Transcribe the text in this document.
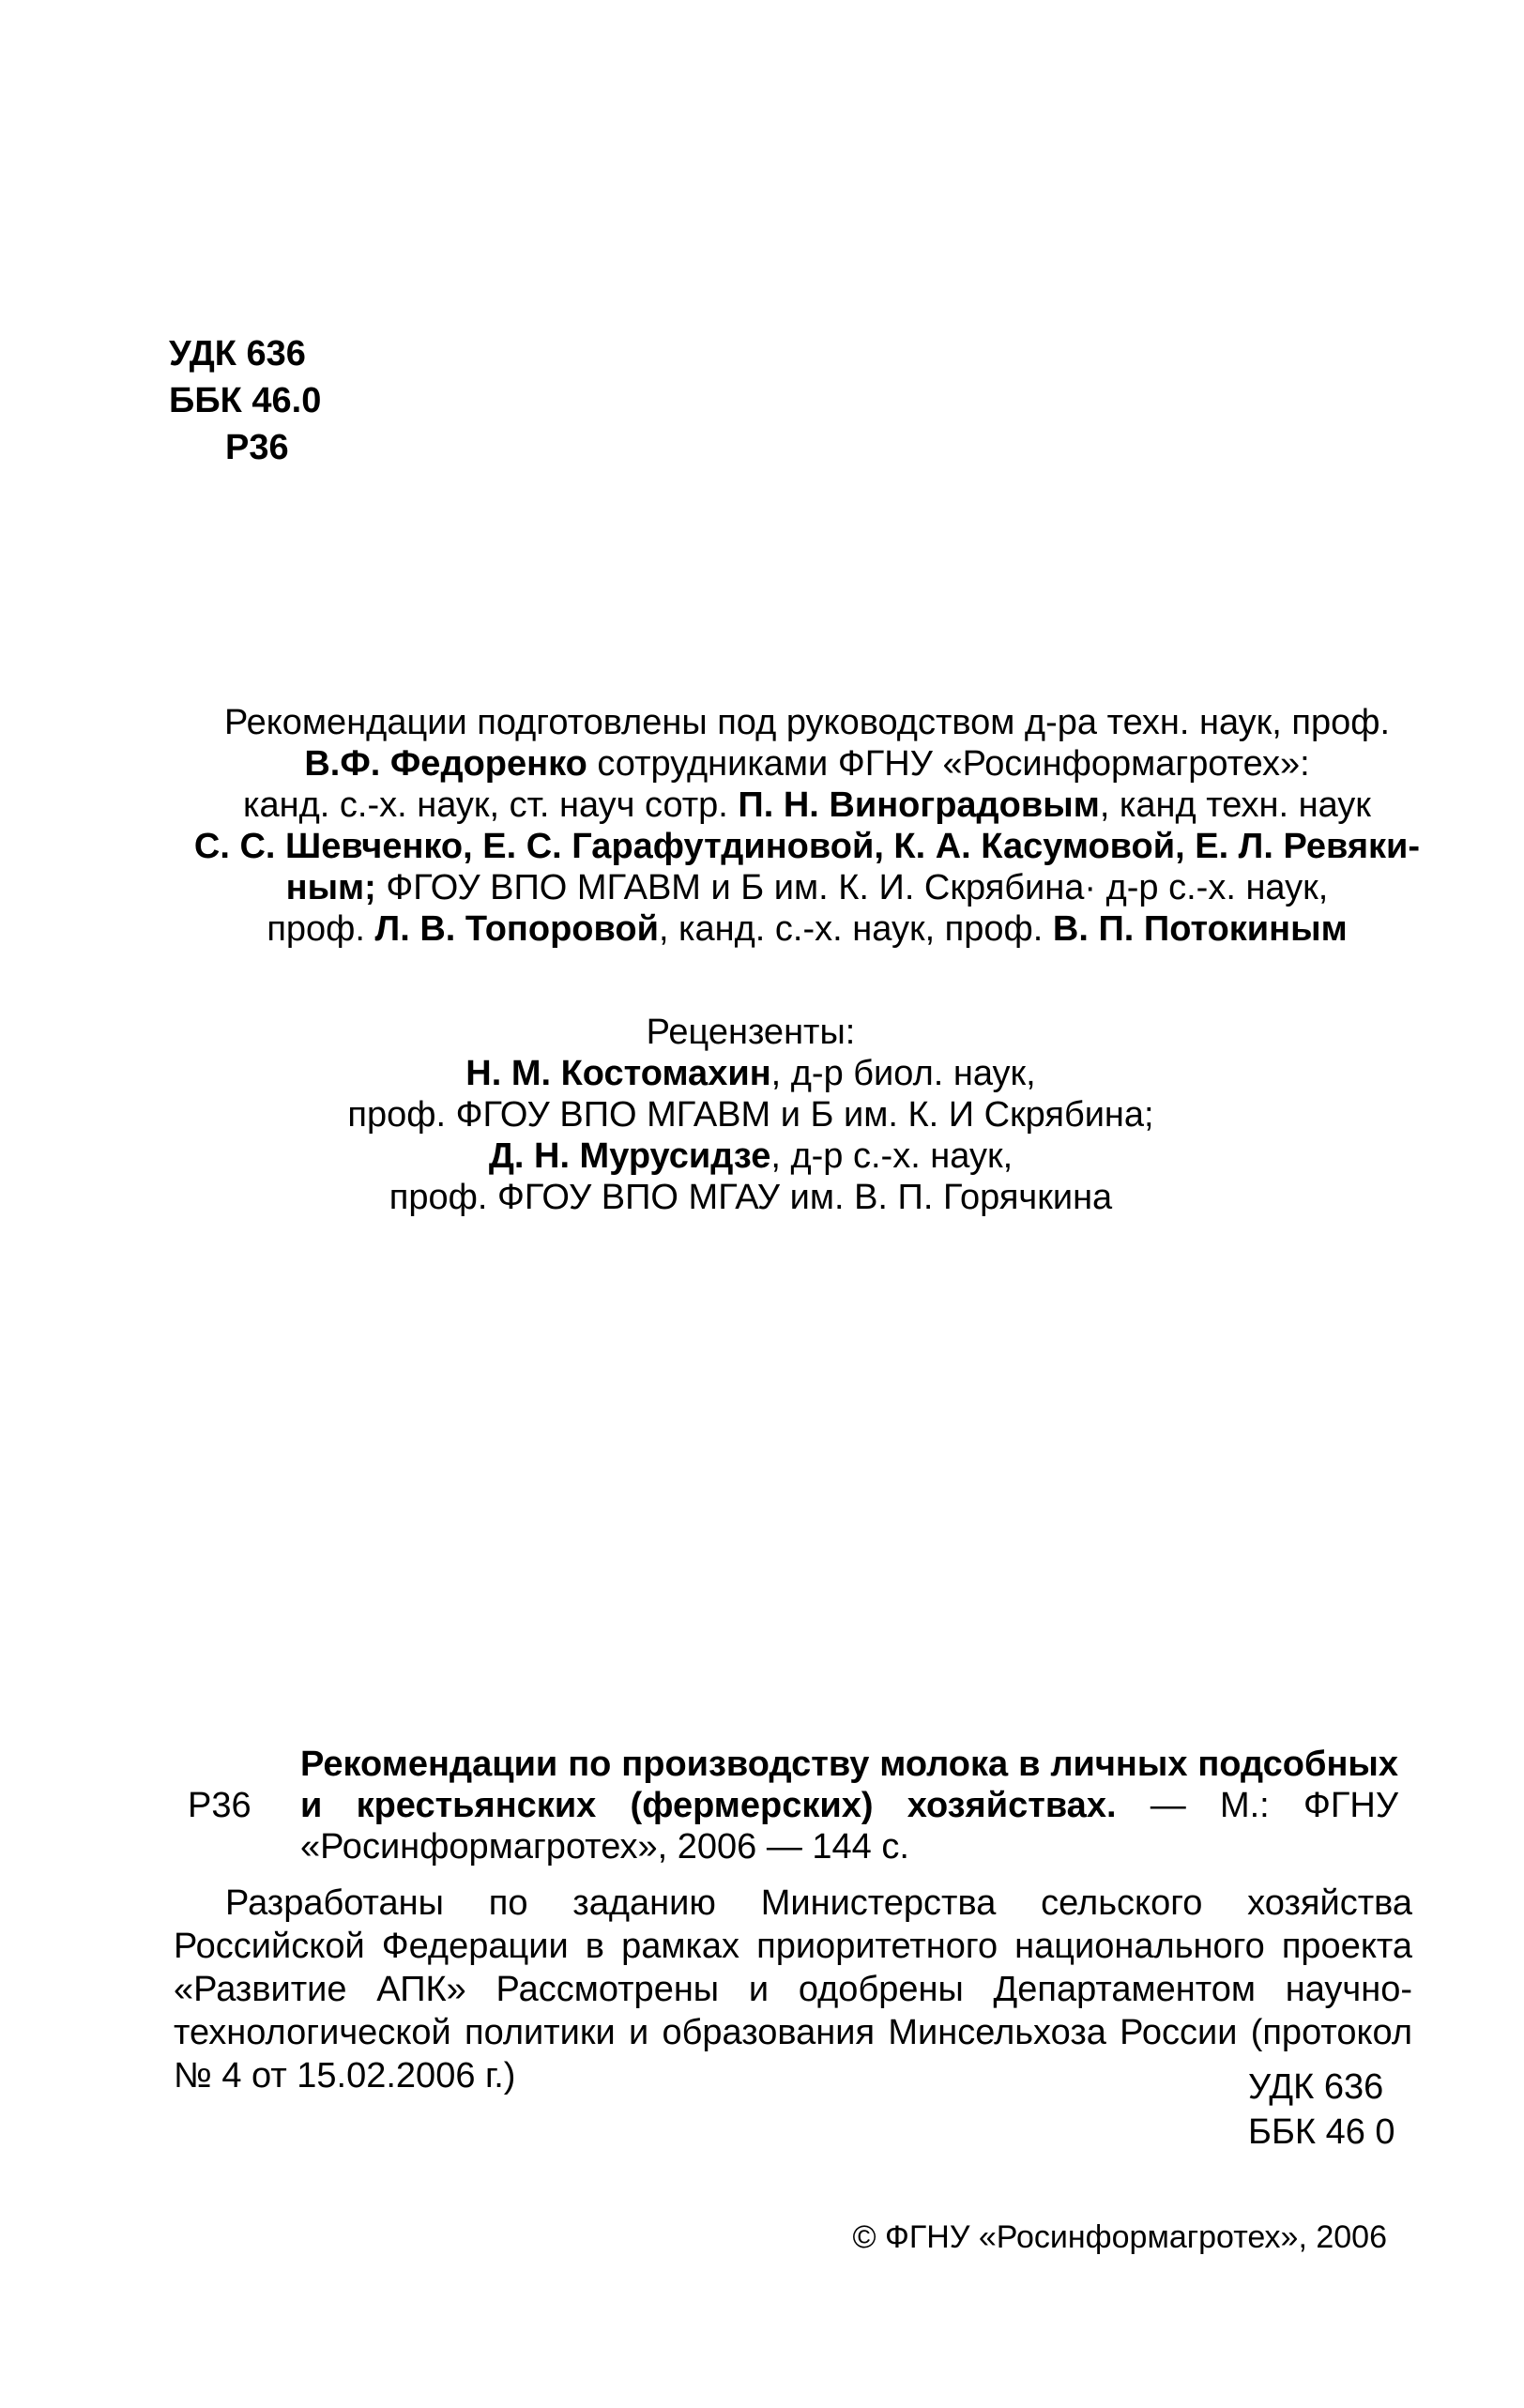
УДК 636
ББК 46.0
Р36
Рекомендации подготовлены под руководством д-ра техн. наук, проф.
В.Ф. Федоренко сотрудниками ФГНУ «Росинформагротех»:
канд. с.-х. наук, ст. науч сотр. П. Н. Виноградовым, канд техн. наук
С. С. Шевченко, Е. С. Гарафутдиновой, К. А. Касумовой, Е. Л. Ревяки-
ным; ФГОУ ВПО МГАВМ и Б им. К. И. Скрябина· д-р с.-х. наук,
проф. Л. В. Топоровой, канд. с.-х. наук, проф. В. П. Потокиным
Рецензенты:
Н. М. Костомахин, д-р биол. наук,
проф. ФГОУ ВПО МГАВМ и Б им. К. И Скрябина;
Д. Н. Мурусидзе, д-р с.-х. наук,
проф. ФГОУ ВПО МГАУ им. В. П. Горячкина
Р36
Рекомендации по производству молока в личных подсобных и крестьянских (фермерских) хозяйствах. — М.: ФГНУ «Росинформагротех», 2006 — 144 с.
Разработаны по заданию Министерства сельского хозяйства Российской Федерации в рамках приоритетного национального проекта «Развитие АПК» Рассмотрены и одобрены Департаментом научно-технологической политики и образования Минсельхоза России (протокол № 4 от 15.02.2006 г.)	УДК 636
ББК 46 0
© ФГНУ «Росинформагротех», 2006
